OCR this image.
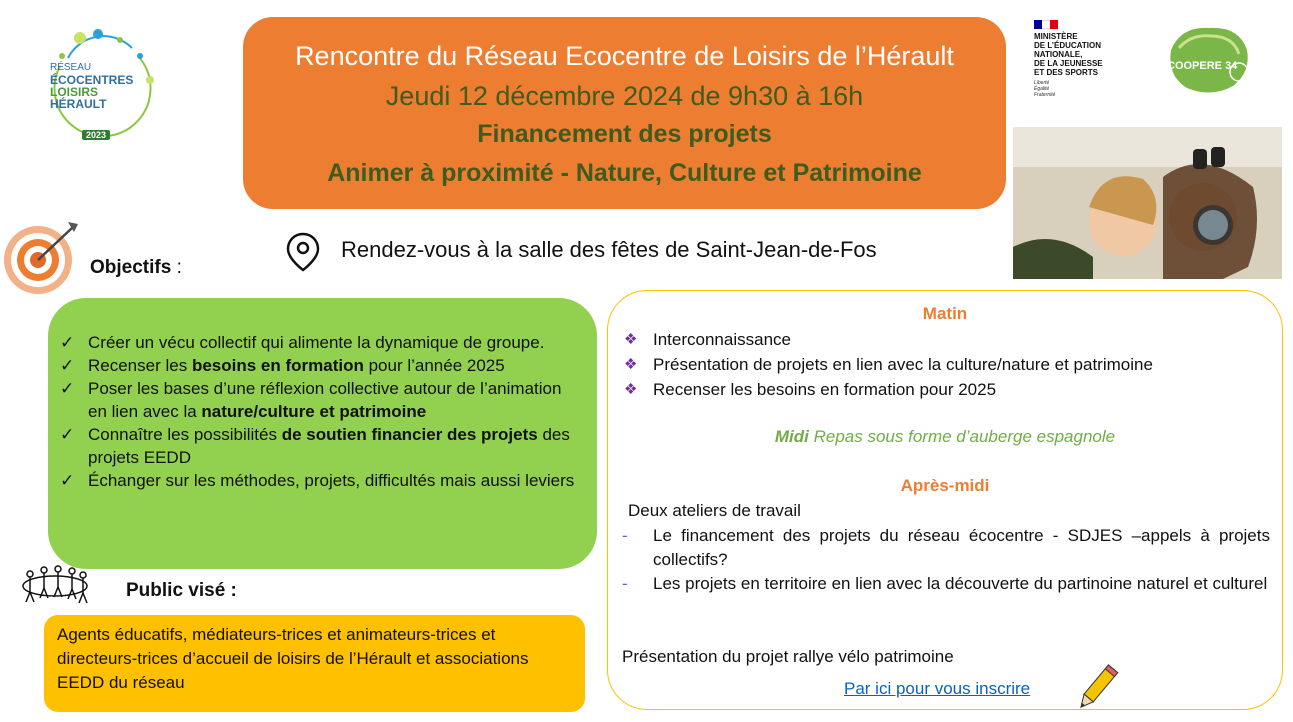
RÉSEAU
ÉCOCENTRES
LOISIRS
HÉRAULT
2023
Rencontre du Réseau Ecocentre de Loisirs de l’Hérault
Jeudi 12 décembre 2024 de 9h30 à 16h
Financement des projets
Animer à proximité - Nature, Culture et Patrimoine
MINISTÈRE
DE L’ÉDUCATION
NATIONALE,
DE LA JEUNESSE
ET DES SPORTS
Liberté
Égalité
Fraternité
COOPERE 34
Rendez-vous à la salle des fêtes de Saint-Jean-de-Fos
Objectifs :
✓ Créer un vécu collectif qui alimente la dynamique de groupe.
✓ Recenser les besoins en formation pour l’année 2025
✓ Poser les bases d’une réflexion collective autour de l’animation en lien avec la nature/culture et patrimoine
✓ Connaître les possibilités de soutien financier des projets des projets EEDD
✓ Échanger sur les méthodes, projets, difficultés mais aussi leviers
Public visé :
Agents éducatifs, médiateurs-trices et animateurs-trices et directeurs-trices d’accueil de loisirs de l’Hérault et associations EEDD du réseau
Matin
❖ Interconnaissance
❖ Présentation de projets en lien avec la culture/nature et patrimoine
❖ Recenser les besoins en formation pour 2025
Midi Repas sous forme d’auberge espagnole
Après-midi
Deux ateliers de travail
- Le financement des projets du réseau écocentre - SDJES –appels à projets collectifs?
- Les projets en territoire en lien avec la découverte du partinoine naturel et culturel
Présentation du projet rallye vélo patrimoine
Par ici pour vous inscrire
